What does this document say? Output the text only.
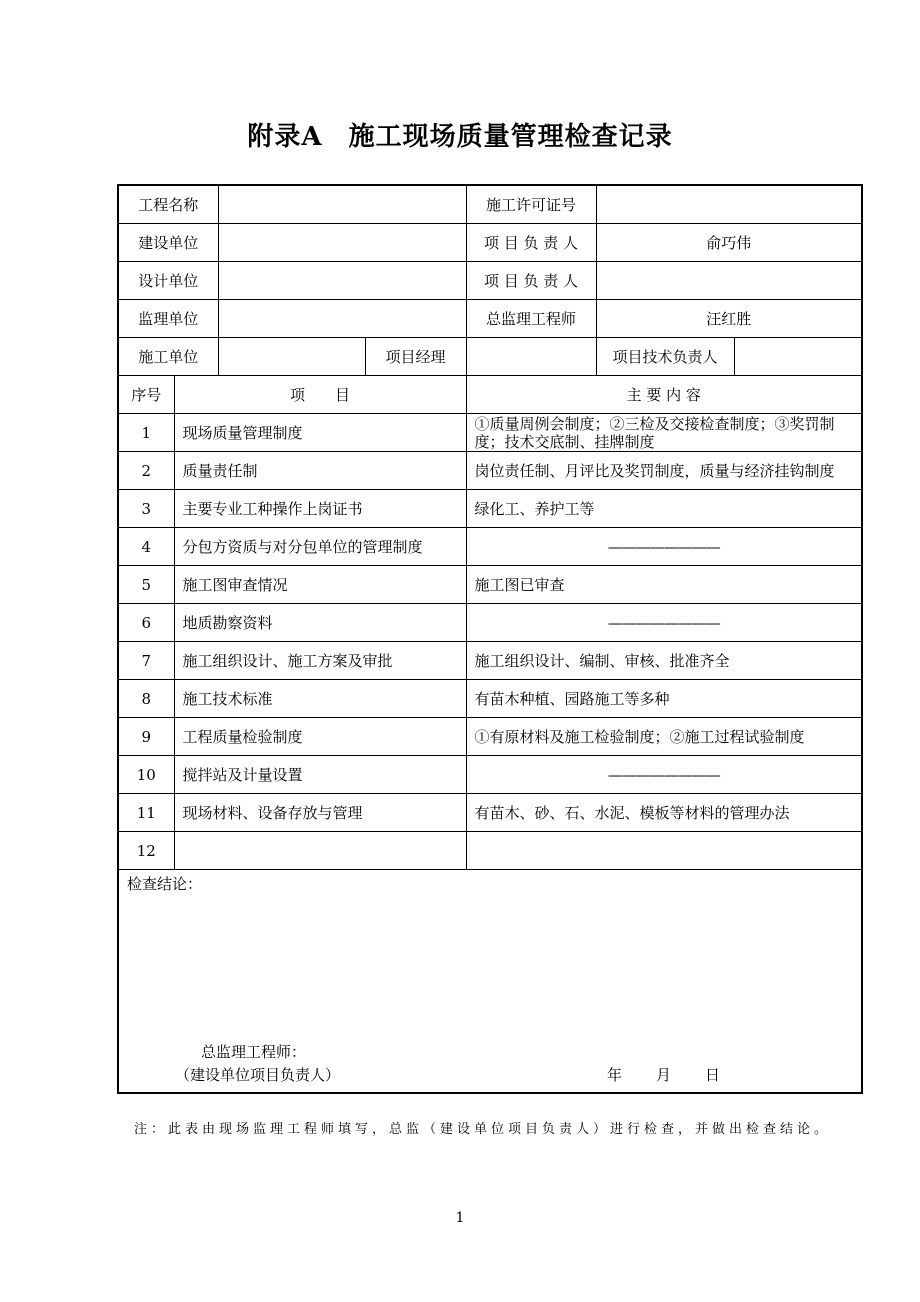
附录A 施工现场质量管理检查记录
工程名称				施工许可证号		
建设单位				项 目 负 责 人	俞巧伟	
设计单位				项 目 负 责 人		
监理单位				总监理工程师	汪红胜	
施工单位			项目经理		项目技术负责人	
序号	项　　目			主 要 内 容		
1	现场质量管理制度			①质量周例会制度；②三检及交接检查制度；③奖罚制度；技术交底制、挂牌制度		
2	质量责任制			岗位责任制、月评比及奖罚制度，质量与经济挂钩制度		
3	主要专业工种操作上岗证书			绿化工、养护工等		
4	分包方资质与对分包单位的管理制度			————————		
5	施工图审查情况			施工图已审查		
6	地质勘察资料			————————		
7	施工组织设计、施工方案及审批			施工组织设计、编制、审核、批准齐全		
8	施工技术标准			有苗木种植、园路施工等多种		
9	工程质量检验制度			①有原材料及施工检验制度；②施工过程试验制度		
10	搅拌站及计量设置			————————		
11	现场材料、设备存放与管理			有苗木、砂、石、水泥、模板等材料的管理办法		
12						

检查结论：
总监理工程师：
（建设单位项目负责人） 年 月 日						
注：此表由现场监理工程师填写，总监（建设单位项目负责人）进行检查，并做出检查结论。
1
